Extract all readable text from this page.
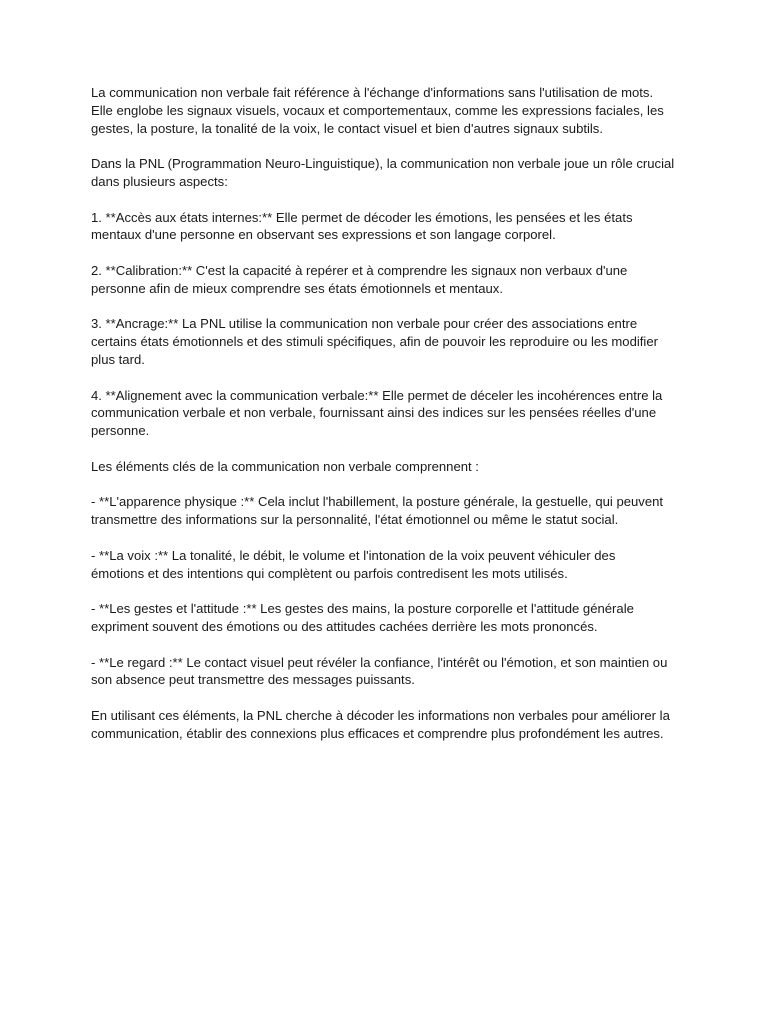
La communication non verbale fait référence à l'échange d'informations sans l'utilisation de mots.
Elle englobe les signaux visuels, vocaux et comportementaux, comme les expressions faciales, les
gestes, la posture, la tonalité de la voix, le contact visuel et bien d'autres signaux subtils.

Dans la PNL (Programmation Neuro-Linguistique), la communication non verbale joue un rôle crucial
dans plusieurs aspects:

1. **Accès aux états internes:** Elle permet de décoder les émotions, les pensées et les états
mentaux d'une personne en observant ses expressions et son langage corporel.

2. **Calibration:** C'est la capacité à repérer et à comprendre les signaux non verbaux d'une
personne afin de mieux comprendre ses états émotionnels et mentaux.

3. **Ancrage:** La PNL utilise la communication non verbale pour créer des associations entre
certains états émotionnels et des stimuli spécifiques, afin de pouvoir les reproduire ou les modifier
plus tard.

4. **Alignement avec la communication verbale:** Elle permet de déceler les incohérences entre la
communication verbale et non verbale, fournissant ainsi des indices sur les pensées réelles d'une
personne.

Les éléments clés de la communication non verbale comprennent :

- **L'apparence physique :** Cela inclut l'habillement, la posture générale, la gestuelle, qui peuvent
transmettre des informations sur la personnalité, l'état émotionnel ou même le statut social.

- **La voix :** La tonalité, le débit, le volume et l'intonation de la voix peuvent véhiculer des
émotions et des intentions qui complètent ou parfois contredisent les mots utilisés.

- **Les gestes et l'attitude :** Les gestes des mains, la posture corporelle et l'attitude générale
expriment souvent des émotions ou des attitudes cachées derrière les mots prononcés.

- **Le regard :** Le contact visuel peut révéler la confiance, l'intérêt ou l'émotion, et son maintien ou
son absence peut transmettre des messages puissants.

En utilisant ces éléments, la PNL cherche à décoder les informations non verbales pour améliorer la
communication, établir des connexions plus efficaces et comprendre plus profondément les autres.
